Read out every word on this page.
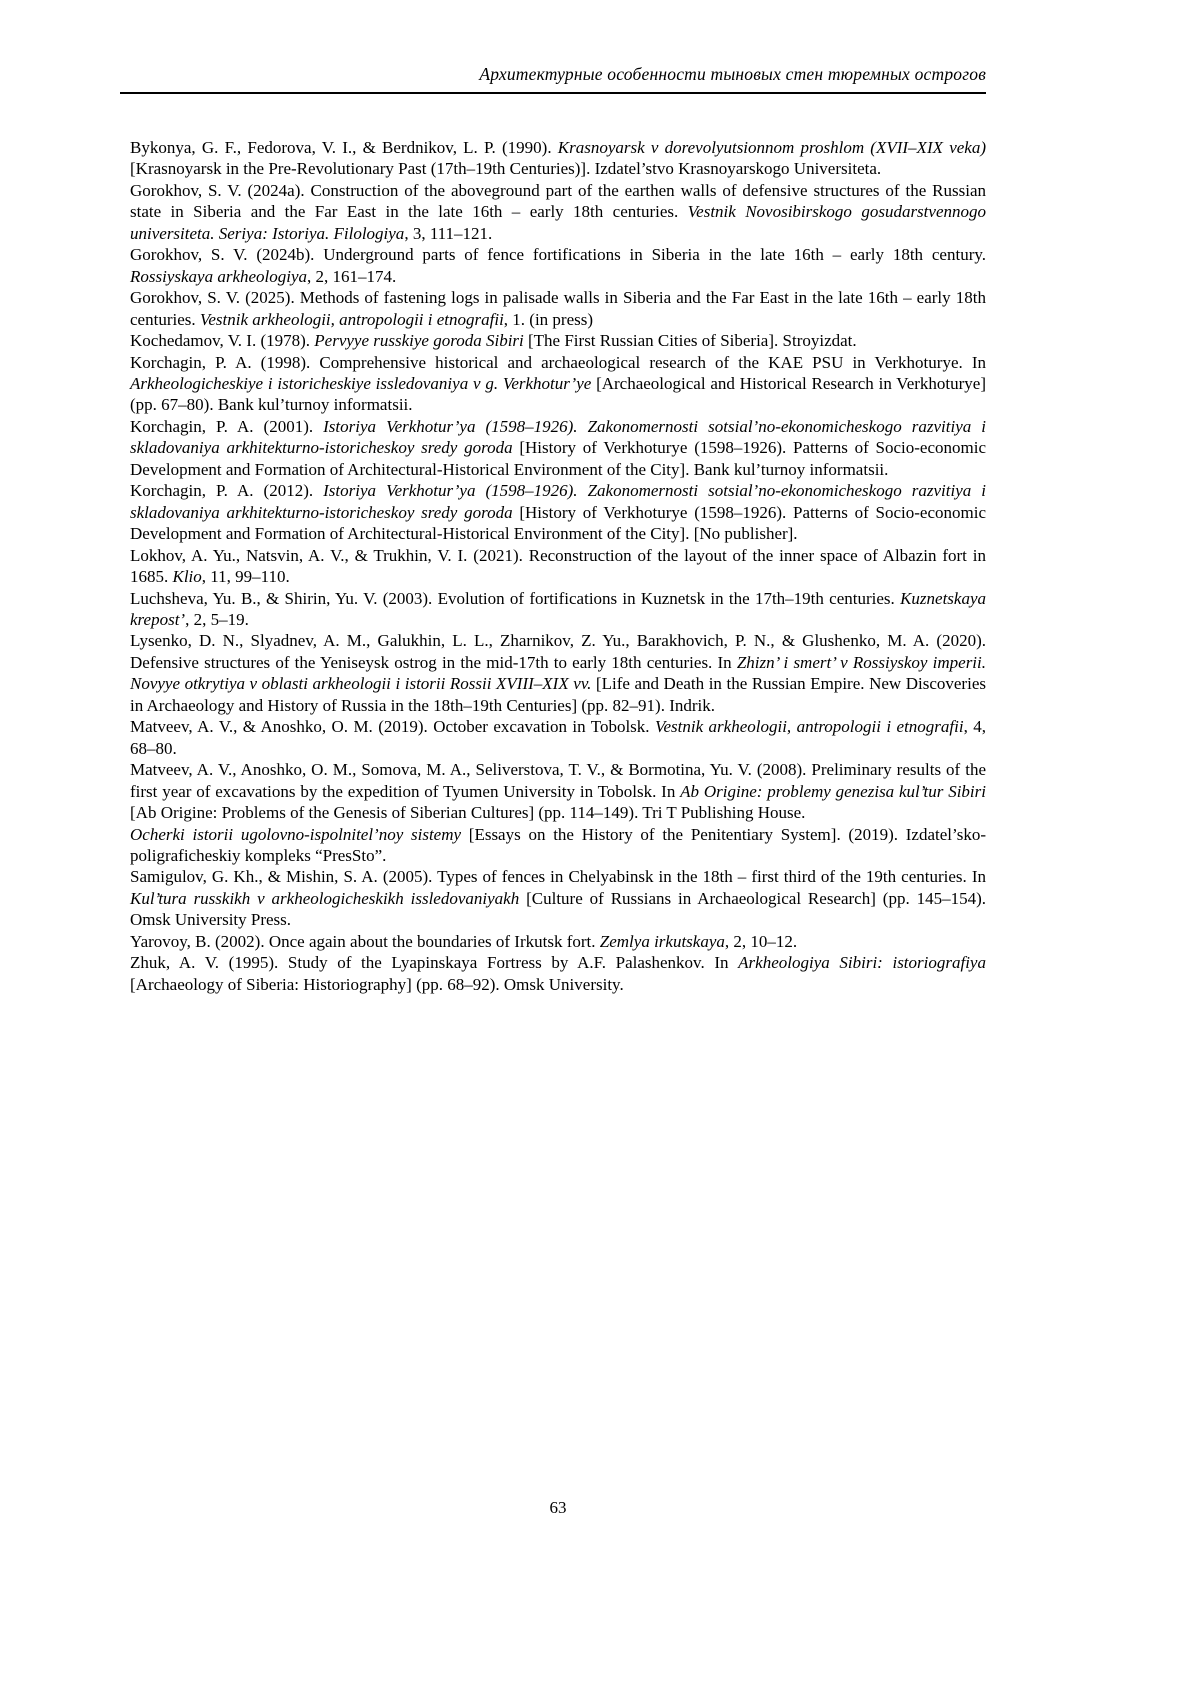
Архитектурные особенности тыновых стен тюремных острогов

Bykonya, G. F., Fedorova, V. I., & Berdnikov, L. P. (1990). Krasnoyarsk v dorevolyutsionnom proshlom (XVII–XIX veka) [Krasnoyarsk in the Pre-Revolutionary Past (17th–19th Centuries)]. Izdatel’stvo Krasnoyarskogo Universiteta.

Gorokhov, S. V. (2024a). Construction of the aboveground part of the earthen walls of defensive structures of the Russian state in Siberia and the Far East in the late 16th – early 18th centuries. Vestnik Novosibirskogo gosudarstvennogo universiteta. Seriya: Istoriya. Filologiya, 3, 111–121.

Gorokhov, S. V. (2024b). Underground parts of fence fortifications in Siberia in the late 16th – early 18th century. Rossiyskaya arkheologiya, 2, 161–174.

Gorokhov, S. V. (2025). Methods of fastening logs in palisade walls in Siberia and the Far East in the late 16th – early 18th centuries. Vestnik arkheologii, antropologii i etnografii, 1. (in press)

Kochedamov, V. I. (1978). Pervyye russkiye goroda Sibiri [The First Russian Cities of Siberia]. Stroyizdat.

Korchagin, P. A. (1998). Comprehensive historical and archaeological research of the KAE PSU in Verkhoturye. In Arkheologicheskiye i istoricheskiye issledovaniya v g. Verkhotur’ye [Archaeological and Historical Research in Verkhoturye] (pp. 67–80). Bank kul’turnoy informatsii.

Korchagin, P. A. (2001). Istoriya Verkhotur’ya (1598–1926). Zakonomernosti sotsial’no-ekonomicheskogo razvitiya i skladovaniya arkhitekturno-istoricheskoy sredy goroda [History of Verkhoturye (1598–1926). Patterns of Socio-economic Development and Formation of Architectural-Historical Environment of the City]. Bank kul’turnoy informatsii.

Korchagin, P. A. (2012). Istoriya Verkhotur’ya (1598–1926). Zakonomernosti sotsial’no-ekonomicheskogo razvitiya i skladovaniya arkhitekturno-istoricheskoy sredy goroda [History of Verkhoturye (1598–1926). Patterns of Socio-economic Development and Formation of Architectural-Historical Environment of the City]. [No publisher].

Lokhov, A. Yu., Natsvin, A. V., & Trukhin, V. I. (2021). Reconstruction of the layout of the inner space of Albazin fort in 1685. Klio, 11, 99–110.

Luchsheva, Yu. B., & Shirin, Yu. V. (2003). Evolution of fortifications in Kuznetsk in the 17th–19th centuries. Kuznetskaya krepost’, 2, 5–19.

Lysenko, D. N., Slyadnev, A. M., Galukhin, L. L., Zharnikov, Z. Yu., Barakhovich, P. N., & Glushenko, M. A. (2020). Defensive structures of the Yeniseysk ostrog in the mid-17th to early 18th centuries. In Zhizn’ i smert’ v Rossiyskoy imperii. Novyye otkrytiya v oblasti arkheologii i istorii Rossii XVIII–XIX vv. [Life and Death in the Russian Empire. New Discoveries in Archaeology and History of Russia in the 18th–19th Centuries] (pp. 82–91). Indrik.

Matveev, A. V., & Anoshko, O. M. (2019). October excavation in Tobolsk. Vestnik arkheologii, antropologii i etnografii, 4, 68–80.

Matveev, A. V., Anoshko, O. M., Somova, M. A., Seliverstova, T. V., & Bormotina, Yu. V. (2008). Preliminary results of the first year of excavations by the expedition of Tyumen University in Tobolsk. In Ab Origine: problemy genezisa kul’tur Sibiri [Ab Origine: Problems of the Genesis of Siberian Cultures] (pp. 114–149). Tri T Publishing House.

Ocherki istorii ugolovno-ispolnitel’noy sistemy [Essays on the History of the Penitentiary System]. (2019). Izdatel’sko-poligraficheskiy kompleks “PresSto”.

Samigulov, G. Kh., & Mishin, S. A. (2005). Types of fences in Chelyabinsk in the 18th – first third of the 19th centuries. In Kul’tura russkikh v arkheologicheskikh issledovaniyakh [Culture of Russians in Archaeological Research] (pp. 145–154). Omsk University Press.

Yarovoy, B. (2002). Once again about the boundaries of Irkutsk fort. Zemlya irkutskaya, 2, 10–12.

Zhuk, A. V. (1995). Study of the Lyapinskaya Fortress by A.F. Palashenkov. In Arkheologiya Sibiri: istoriografiya [Archaeology of Siberia: Historiography] (pp. 68–92). Omsk University.

63
